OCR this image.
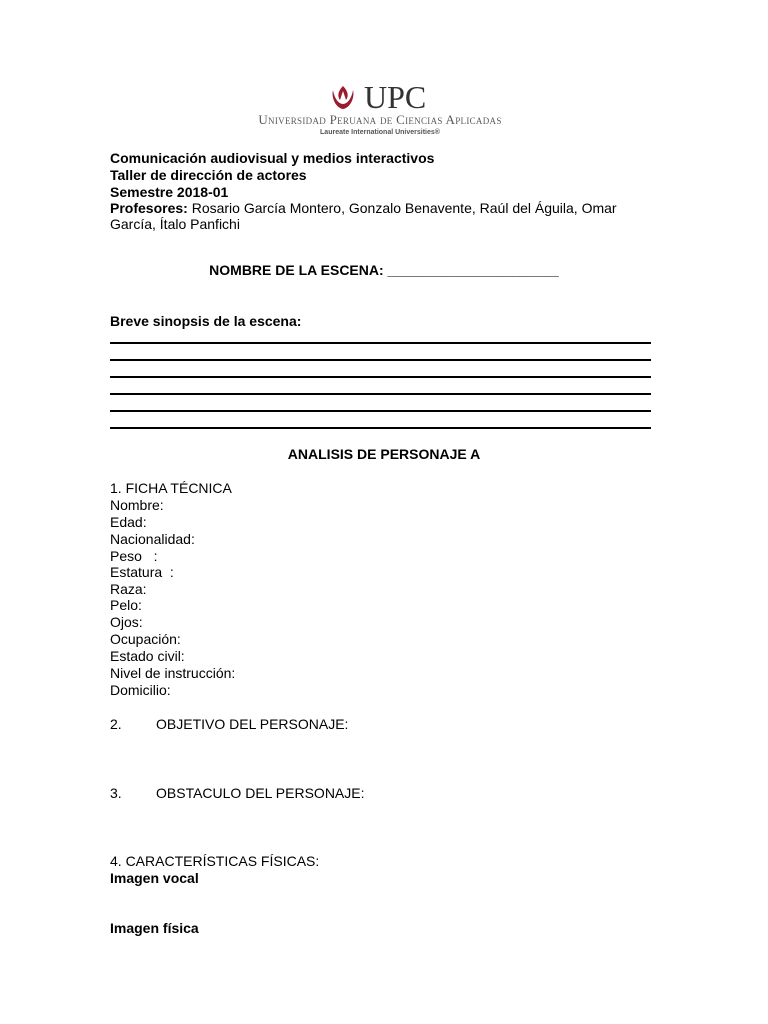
UPC
Universidad Peruana de Ciencias Aplicadas
Laureate International Universities®
Comunicación audiovisual y medios interactivos
Taller de dirección de actores
Semestre 2018-01
Profesores: Rosario García Montero, Gonzalo Benavente, Raúl del Águila, Omar
García, Ítalo Panfichi
NOMBRE DE LA ESCENA: ______________________
Breve sinopsis de la escena:
ANALISIS DE PERSONAJE A
1. FICHA TÉCNICA
Nombre:
Edad:
Nacionalidad:
Peso   :
Estatura  :
Raza:
Pelo:
Ojos:
Ocupación:
Estado civil:
Nivel de instrucción:
Domicilio:
2. OBJETIVO DEL PERSONAJE:
3. OBSTACULO DEL PERSONAJE:
4. CARACTERÍSTICAS FÍSICAS:
Imagen vocal
Imagen física
